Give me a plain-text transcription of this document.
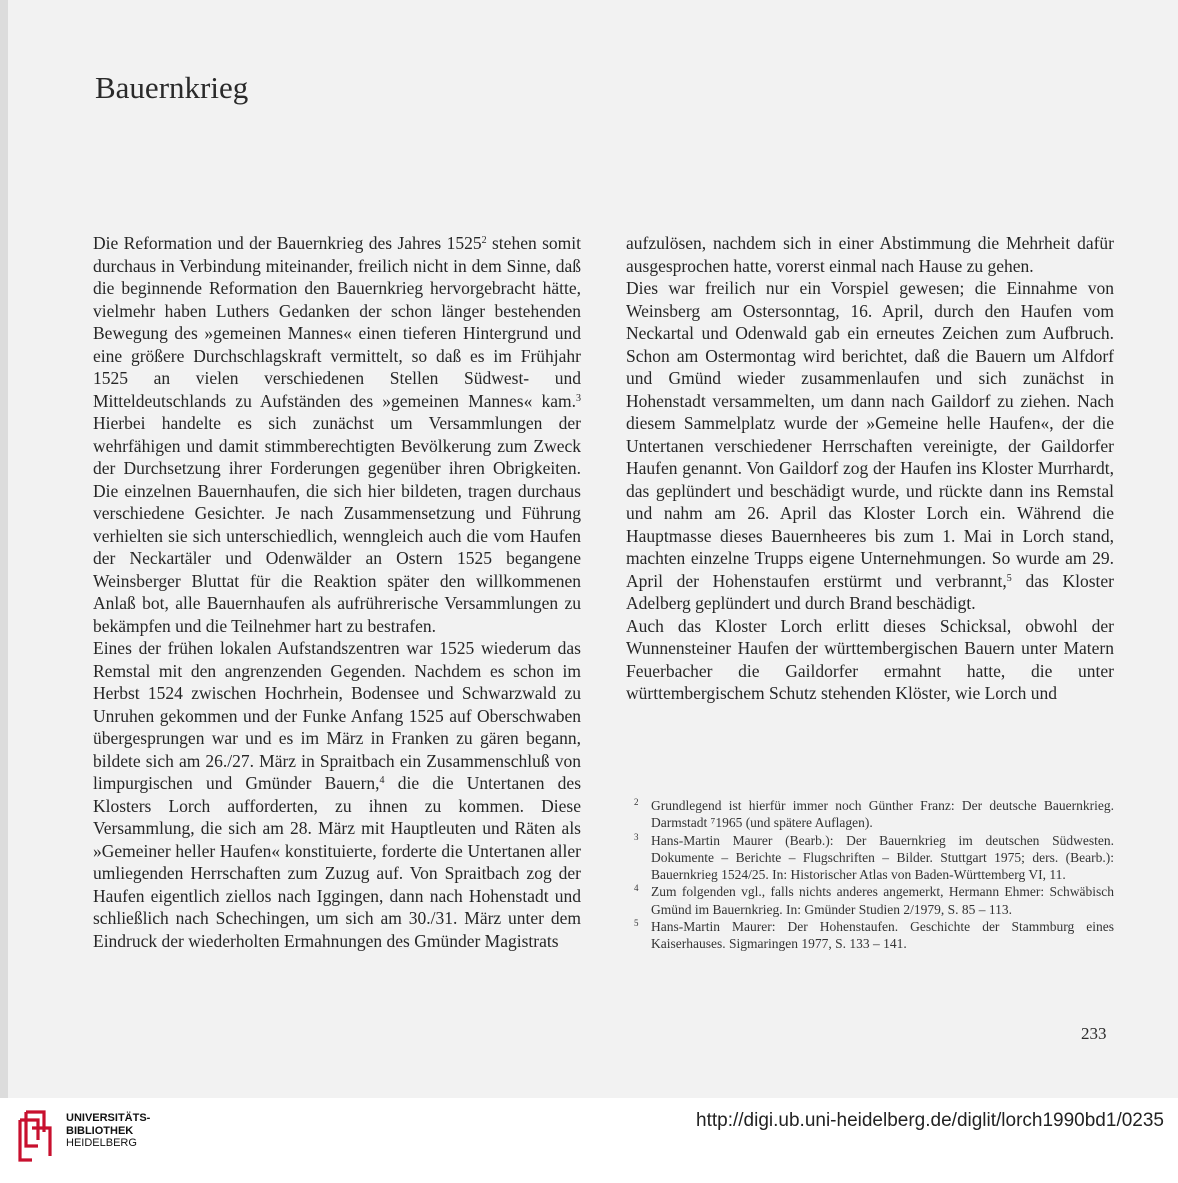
Bauernkrieg

Die Reformation und der Bauernkrieg des Jahres 1525$^2$ stehen somit durchaus in Verbindung miteinander, freilich nicht in dem Sinne, daß die beginnende Reformation den Bauernkrieg hervorgebracht hätte, vielmehr haben Luthers Gedanken der schon länger bestehenden Bewegung des »gemeinen Mannes« einen tieferen Hintergrund und eine größere Durchschlagskraft vermittelt, so daß es im Frühjahr 1525 an vielen verschiedenen Stellen Südwest- und Mitteldeutschlands zu Aufständen des »gemeinen Mannes« kam.$^3$ Hierbei handelte es sich zunächst um Versammlungen der wehrfähigen und damit stimmberechtigten Bevölkerung zum Zweck der Durchsetzung ihrer Forderungen gegenüber ihren Obrigkeiten. Die einzelnen Bauernhaufen, die sich hier bildeten, tragen durchaus verschiedene Gesichter. Je nach Zusammensetzung und Führung verhielten sie sich unterschiedlich, wenngleich auch die vom Haufen der Neckartäler und Odenwälder an Ostern 1525 begangene Weinsberger Bluttat für die Reaktion später den willkommenen Anlaß bot, alle Bauernhaufen als aufrührerische Versammlungen zu bekämpfen und die Teilnehmer hart zu bestrafen.

Eines der frühen lokalen Aufstandszentren war 1525 wiederum das Remstal mit den angrenzenden Gegenden. Nachdem es schon im Herbst 1524 zwischen Hochrhein, Bodensee und Schwarzwald zu Unruhen gekommen und der Funke Anfang 1525 auf Oberschwaben übergesprungen war und es im März in Franken zu gären begann, bildete sich am 26./27. März in Spraitbach ein Zusammenschluß von limpurgischen und Gmünder Bauern,$^4$ die die Untertanen des Klosters Lorch aufforderten, zu ihnen zu kommen. Diese Versammlung, die sich am 28. März mit Hauptleuten und Räten als »Gemeiner heller Haufen« konstituierte, forderte die Untertanen aller umliegenden Herrschaften zum Zuzug auf. Von Spraitbach zog der Haufen eigentlich ziellos nach Iggingen, dann nach Hohenstadt und schließlich nach Schechingen, um sich am 30./31. März unter dem Eindruck der wiederholten Ermahnungen des Gmünder Magistrats

aufzulösen, nachdem sich in einer Abstimmung die Mehrheit dafür ausgesprochen hatte, vorerst einmal nach Hause zu gehen.

Dies war freilich nur ein Vorspiel gewesen; die Einnahme von Weinsberg am Ostersonntag, 16. April, durch den Haufen vom Neckartal und Odenwald gab ein erneutes Zeichen zum Aufbruch. Schon am Ostermontag wird berichtet, daß die Bauern um Alfdorf und Gmünd wieder zusammenlaufen und sich zunächst in Hohenstadt versammelten, um dann nach Gaildorf zu ziehen. Nach diesem Sammelplatz wurde der »Gemeine helle Haufen«, der die Untertanen verschiedener Herrschaften vereinigte, der Gaildorfer Haufen genannt. Von Gaildorf zog der Haufen ins Kloster Murrhardt, das geplündert und beschädigt wurde, und rückte dann ins Remstal und nahm am 26. April das Kloster Lorch ein. Während die Hauptmasse dieses Bauernheeres bis zum 1. Mai in Lorch stand, machten einzelne Trupps eigene Unternehmungen. So wurde am 29. April der Hohenstaufen erstürmt und verbrannt,$^5$ das Kloster Adelberg geplündert und durch Brand beschädigt.

Auch das Kloster Lorch erlitt dieses Schicksal, obwohl der Wunnensteiner Haufen der württembergischen Bauern unter Matern Feuerbacher die Gaildorfer ermahnt hatte, die unter württembergischem Schutz stehenden Klöster, wie Lorch und

2 Grundlegend ist hierfür immer noch Günther Franz: Der deutsche Bauernkrieg. Darmstadt ⁷1965 (und spätere Auflagen).
3 Hans-Martin Maurer (Bearb.): Der Bauernkrieg im deutschen Südwesten. Dokumente – Berichte – Flugschriften – Bilder. Stuttgart 1975; ders. (Bearb.): Bauernkrieg 1524/25. In: Historischer Atlas von Baden-Württemberg VI, 11.
4 Zum folgenden vgl., falls nichts anderes angemerkt, Hermann Ehmer: Schwäbisch Gmünd im Bauernkrieg. In: Gmünder Studien 2/1979, S. 85 – 113.
5 Hans-Martin Maurer: Der Hohenstaufen. Geschichte der Stammburg eines Kaiserhauses. Sigmaringen 1977, S. 133 – 141.
233
UNIVERSITÄTS-
BIBLIOTHEK
HEIDELBERG
http://digi.ub.uni-heidelberg.de/diglit/lorch1990bd1/0235
